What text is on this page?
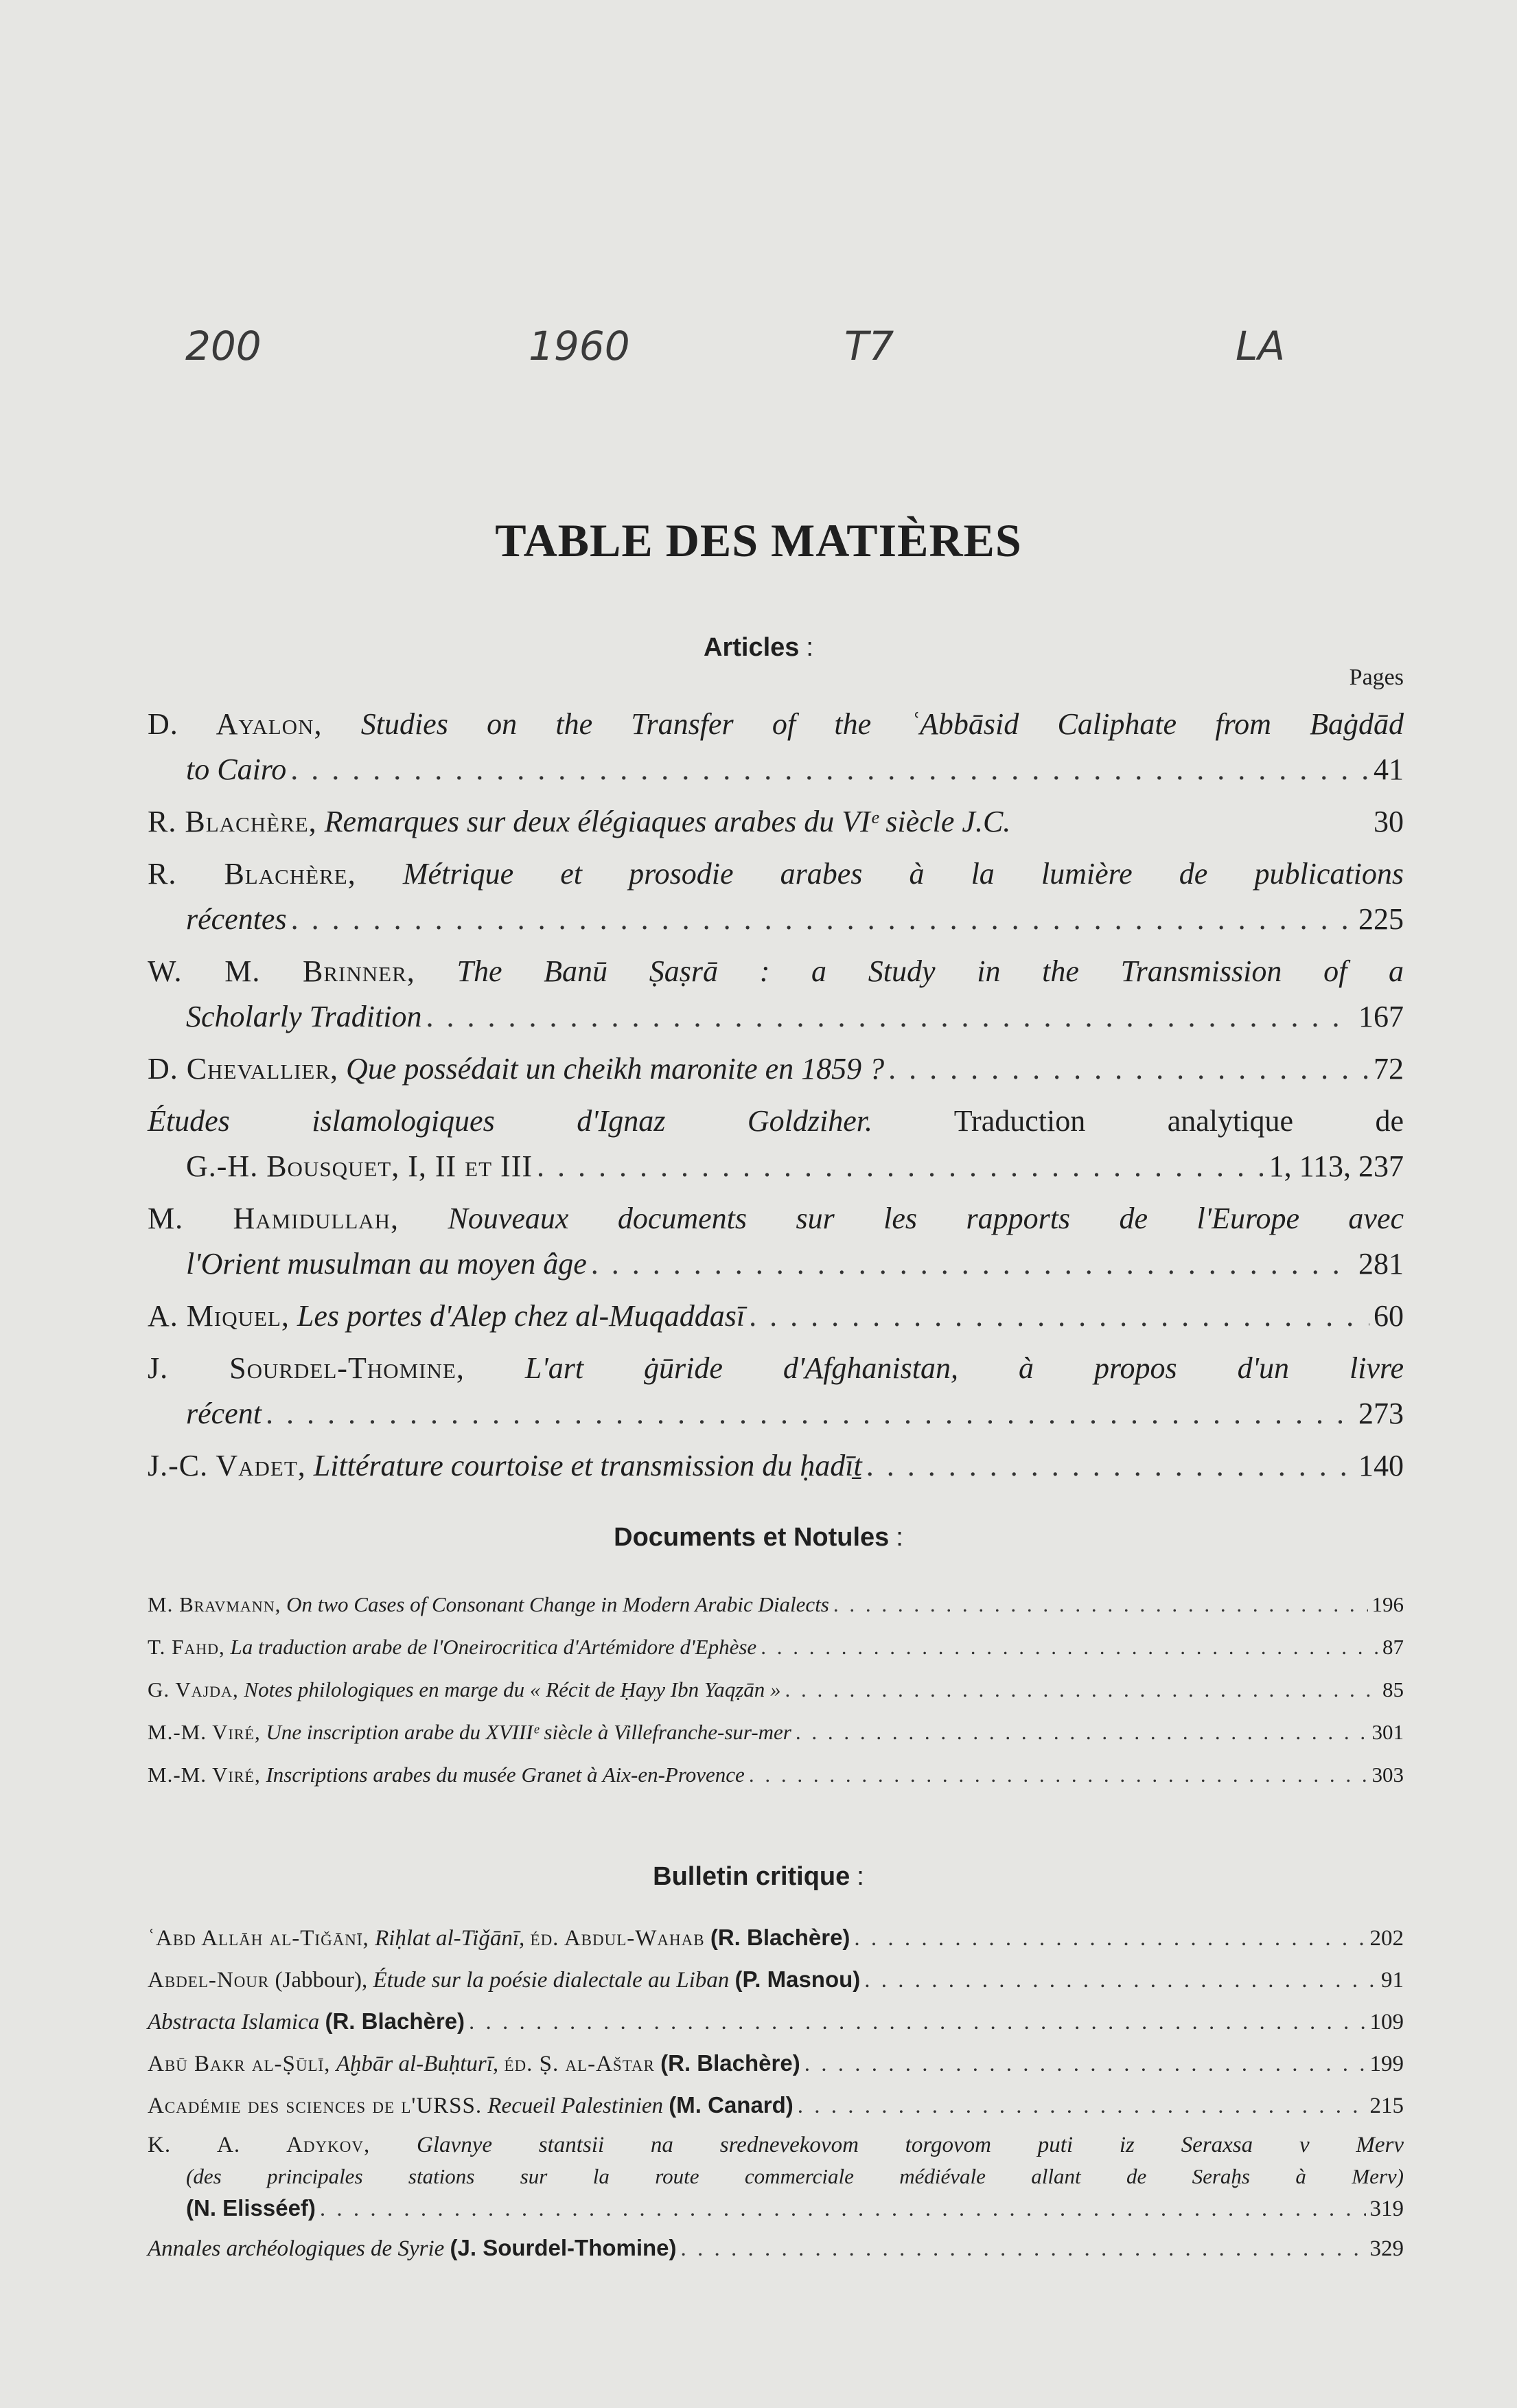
200	1960	T7	LA
TABLE DES MATIÈRES
Articles :
Pages
D. Ayalon, Studies on the Transfer of the ʿAbbāsid Caliphate from Baġdād
to Cairo . . .	41
R. Blachère, Remarques sur deux élégiaques arabes du VIᵉ siècle J.C.	30
R. Blachère, Métrique et prosodie arabes à la lumière de publications
récentes . . .	225
W. M. Brinner, The Banū Ṣaṣrā : a Study in the Transmission of a
Scholarly Tradition . . .	167
D. Chevallier, Que possédait un cheikh maronite en 1859 ? . . .	72
Études islamologiques d'Ignaz Goldziher.	Traduction analytique de
G.-H. Bousquet, I, II et III . . .	1, 113, 237
M. Hamidullah, Nouveaux documents sur les rapports de l'Europe avec
l'Orient musulman au moyen âge . . .	281
A. Miquel, Les portes d'Alep chez al-Muqaddasī . . .	60
J. Sourdel-Thomine, L'art ġūride d'Afghanistan, à propos d'un livre
récent . . .	273
J.-C. Vadet, Littérature courtoise et transmission du ḥadīṯ . . .	140
Documents et Notules :
M. Bravmann, On two Cases of Consonant Change in Modern Arabic Dialects . . .	196
T. Fahd, La traduction arabe de l'Oneirocritica d'Artémidore d'Ephèse . . .	87
G. Vajda, Notes philologiques en marge du « Récit de Ḥayy Ibn Yaqẓān » . . .	85
M.-M. Viré, Une inscription arabe du XVIIIᵉ siècle à Villefranche-sur-mer . . .	301
M.-M. Viré, Inscriptions arabes du musée Granet à Aix-en-Provence . . .	303
Bulletin critique :
ʿAbd Allāh al-Tiǧānī, Riḥlat al-Tiǧānī, éd. Abdul-Wahab (R. Blachère) . . .	202
Abdel-Nour (Jabbour), Étude sur la poésie dialectale au Liban (P. Masnou) . . .	91
Abstracta Islamica (R. Blachère) . . .	109
Abū Bakr al-Ṣūlī, Aḫbār al-Buḥturī, éd. Ṣ. al-Aštar (R. Blachère) . . .	199
Académie des sciences de l'URSS. Recueil Palestinien (M. Canard) . . .	215
K. A. Adykov, Glavnye stantsii na srednevekovom torgovom puti iz Seraxsa v Merv
(des principales stations sur la route commerciale médiévale allant de Seraḫs à Merv)
(N. Elisséef) . . .	319
Annales archéologiques de Syrie (J. Sourdel-Thomine) . . .	329
